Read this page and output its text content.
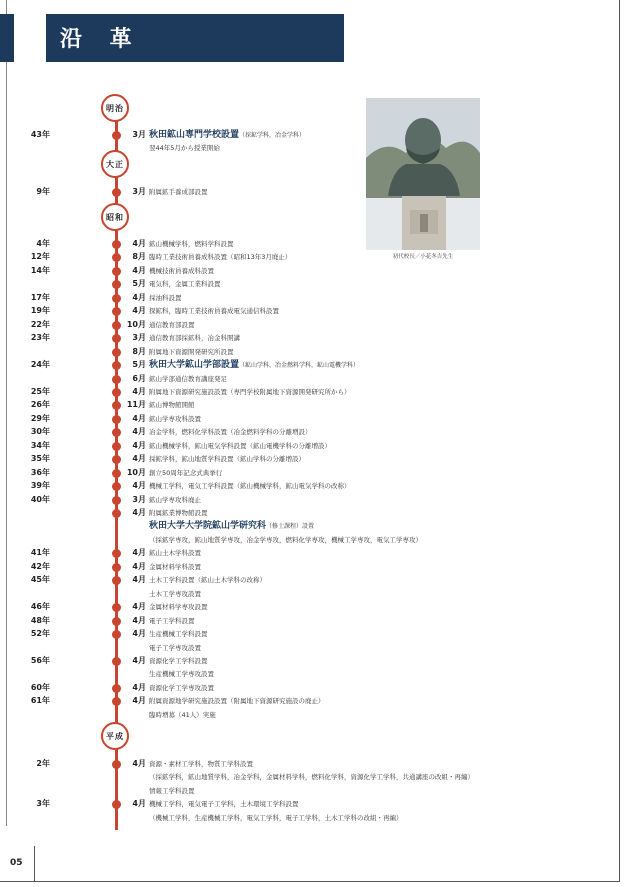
沿 革
明治
43年	3月 秋田鉱山専門学校設置（採鉱学科，冶金学科）
翌44年5月から授業開始
大正
9年	3月 附属鉱手養成部設置
昭和
4年	4月 鉱山機械学科，燃料学科設置
12年	8月 臨時工業技術員養成科設置（昭和13年3月廃止）
14年	4月 機械技術員養成科設置
5月 電気科，金属工業科設置
17年	4月 採油科設置
19年	4月 探鉱科，臨時工業技術員養成電気通信科設置
22年	10月 通信教育部設置
23年	3月 通信教育部採鉱科，冶金科開講
8月 附属地下資源開発研究所設置
24年	5月 秋田大学鉱山学部設置（鉱山学科，冶金燃料学科，鉱山電機学科）
6月 鉱山学部通信教育講座発足
25年	4月 附属地下資源研究施設設置（専門学校附属地下資源開発研究所から）
26年	11月 鉱山博物館開館
29年	4月 鉱山学専攻科設置
30年	4月 冶金学科，燃料化学科設置（冶金燃料学科の分離増設）
34年	4月 鉱山機械学科，鉱山電気学科設置（鉱山電機学科の分離増設）
35年	4月 採鉱学科，鉱山地質学科設置（鉱山学科の分離増設）
36年	10月 創立50周年記念式典挙行
39年	4月 機械工学科，電気工学科設置（鉱山機械学科，鉱山電気学科の改称）
40年	3月 鉱山学専攻科廃止
4月 附属鉱業博物館設置
秋田大学大学院鉱山学研究科（修士課程）設置
（採鉱学専攻，鉱山地質学専攻，冶金学専攻，燃料化学専攻，機械工学専攻，電気工学専攻）
41年	4月 鉱山土木学科設置
42年	4月 金属材料学科設置
45年	4月 土木工学科設置（鉱山土木学科の改称）
土木工学専攻設置
46年	4月 金属材料学専攻設置
48年	4月 電子工学科設置
52年	4月 生産機械工学科設置
電子工学専攻設置
56年	4月 資源化学工学科設置
生産機械工学専攻設置
60年	4月 資源化学工学専攻設置
61年	4月 附属資源地学研究施設設置（附属地下資源研究施設の廃止）
臨時増募（41人）実施
平成
2年	4月 資源・素材工学科，物質工学科設置
（採鉱学科，鉱山地質学科，冶金学科，金属材料学科，燃料化学科，資源化学工学科，共通講座の改組・再編）
情報工学科設置
3年	4月 機械工学科，電気電子工学科，土木環境工学科設置
（機械工学科，生産機械工学科，電気工学科，電子工学科，土木工学科の改組・再編）
初代校長／小花冬吉先生
05
